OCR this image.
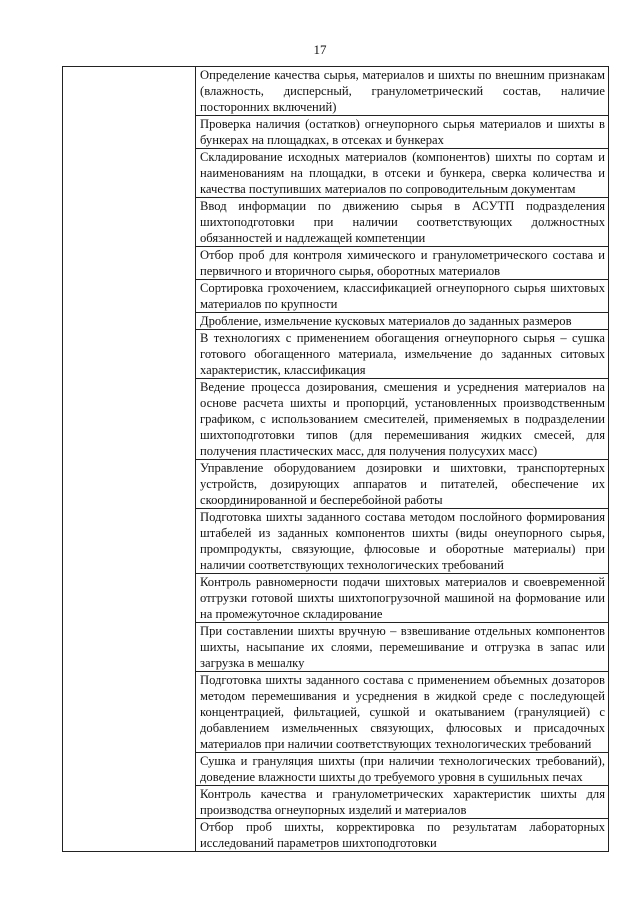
17

Определение качества сырья, материалов и шихты по внешним признакам (влажность, дисперсный, гранулометрический состав, наличие посторонних включений)

Проверка наличия (остатков) огнеупорного сырья материалов и шихты в бункерах на площадках, в отсеках и бункерах

Складирование исходных материалов (компонентов) шихты по сортам и наименованиям на площадки, в отсеки и бункера, сверка количества и качества поступивших материалов по сопроводительным документам

Ввод информации по движению сырья в АСУТП подразделения шихтоподготовки при наличии соответствующих должностных обязанностей и надлежащей компетенции

Отбор проб для контроля химического и гранулометрического состава и первичного и вторичного сырья, оборотных материалов

Сортировка грохочением, классификацией огнеупорного сырья шихтовых материалов по крупности

Дробление, измельчение кусковых материалов до заданных размеров

В технологиях с применением обогащения огнеупорного сырья – сушка готового обогащенного материала, измельчение до заданных ситовых характеристик, классификация

Ведение процесса дозирования, смешения и усреднения материалов на основе расчета шихты и пропорций, установленных производственным графиком, с использованием смесителей, применяемых в подразделении шихтоподготовки типов (для перемешивания жидких смесей, для получения пластических масс, для получения полусухих масс)

Управление оборудованием дозировки и шихтовки, транспортерных устройств, дозирующих аппаратов и питателей, обеспечение их скоординированной и бесперебойной работы

Подготовка шихты заданного состава методом послойного формирования штабелей из заданных компонентов шихты (виды онеупорного сырья, промпродукты, связующие, флюсовые и оборотные материалы) при наличии соответствующих технологических требований

Контроль равномерности подачи шихтовых материалов и своевременной отгрузки готовой шихты шихтопогрузочной машиной на формование или на промежуточное складирование

При составлении шихты вручную – взвешивание отдельных компонентов шихты, насыпание их слоями, перемешивание и отгрузка в запас или загрузка в мешалку

Подготовка шихты заданного состава с применением объемных дозаторов методом перемешивания и усреднения в жидкой среде с последующей концентрацией, фильтацией, сушкой и окатыванием (грануляцией) с добавлением измельченных связующих, флюсовых и присадочных материалов при наличии соответствующих технологических требований

Сушка и грануляция шихты (при наличии технологических требований), доведение влажности шихты до требуемого уровня в сушильных печах

Контроль качества и гранулометрических характеристик шихты для производства огнеупорных изделий и материалов

Отбор проб шихты, корректировка по результатам лабораторных исследований параметров шихтоподготовки
